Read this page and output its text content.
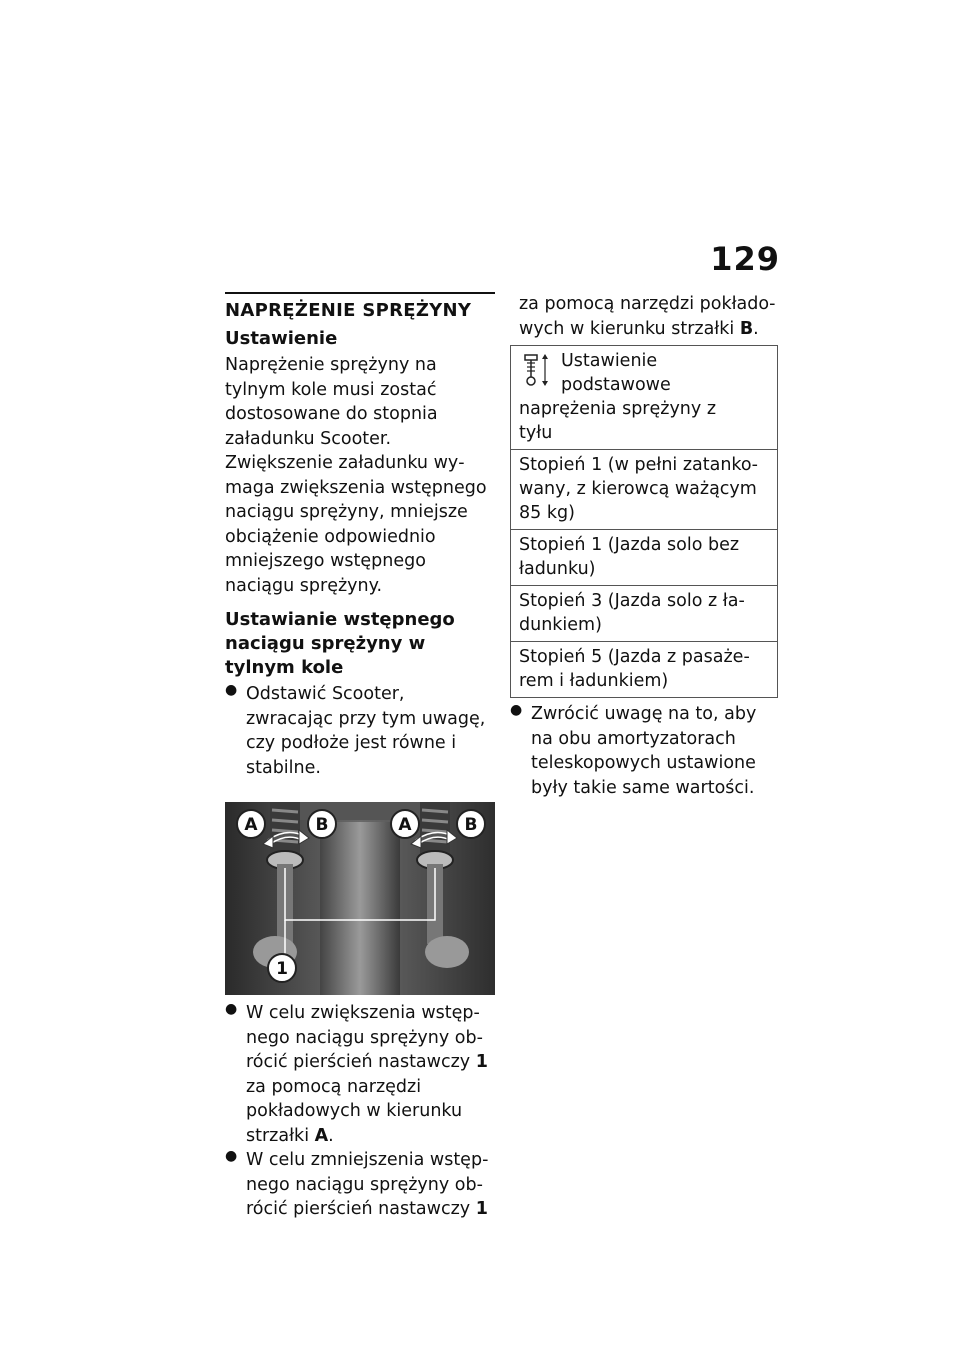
129
NAPRĘŻENIE SPRĘŻYNY
Ustawienie

Naprężenie sprężyny na tylnym kole musi zostać dostosowane do stopnia załadunku Scooter. Zwiększenie załadunku wymaga zwiększenia wstępnego naciągu sprężyny, mniejsze obciążenie odpowiednio mniejszego wstępnego naciągu sprężyny.

Ustawianie wstępnego naciągu sprężyny w tylnym kole
● Odstawić Scooter, zwracając przy tym uwagę, czy podłoże jest równe i stabilne.
A	B	A	B
1
● W celu zwiększenia wstępnego naciągu sprężyny obrócić pierścień nastawczy 1 za pomocą narzędzi pokładowych w kierunku strzałki A.
● W celu zmniejszenia wstępnego naciągu sprężyny obrócić pierścień nastawczy 1

za pomocą narzędzi pokładowych w kierunku strzałki B.

Ustawienie podstawowe
naprężenia sprężyny z
tyłu
Stopień 1 (w pełni zatankowany, z kierowcą ważącym 85 kg)
Stopień 1 (Jazda solo bez ładunku)
Stopień 3 (Jazda solo z ładunkiem)
Stopień 5 (Jazda z pasażerem i ładunkiem)
● Zwrócić uwagę na to, aby na obu amortyzatorach teleskopowych ustawione były takie same wartości.
